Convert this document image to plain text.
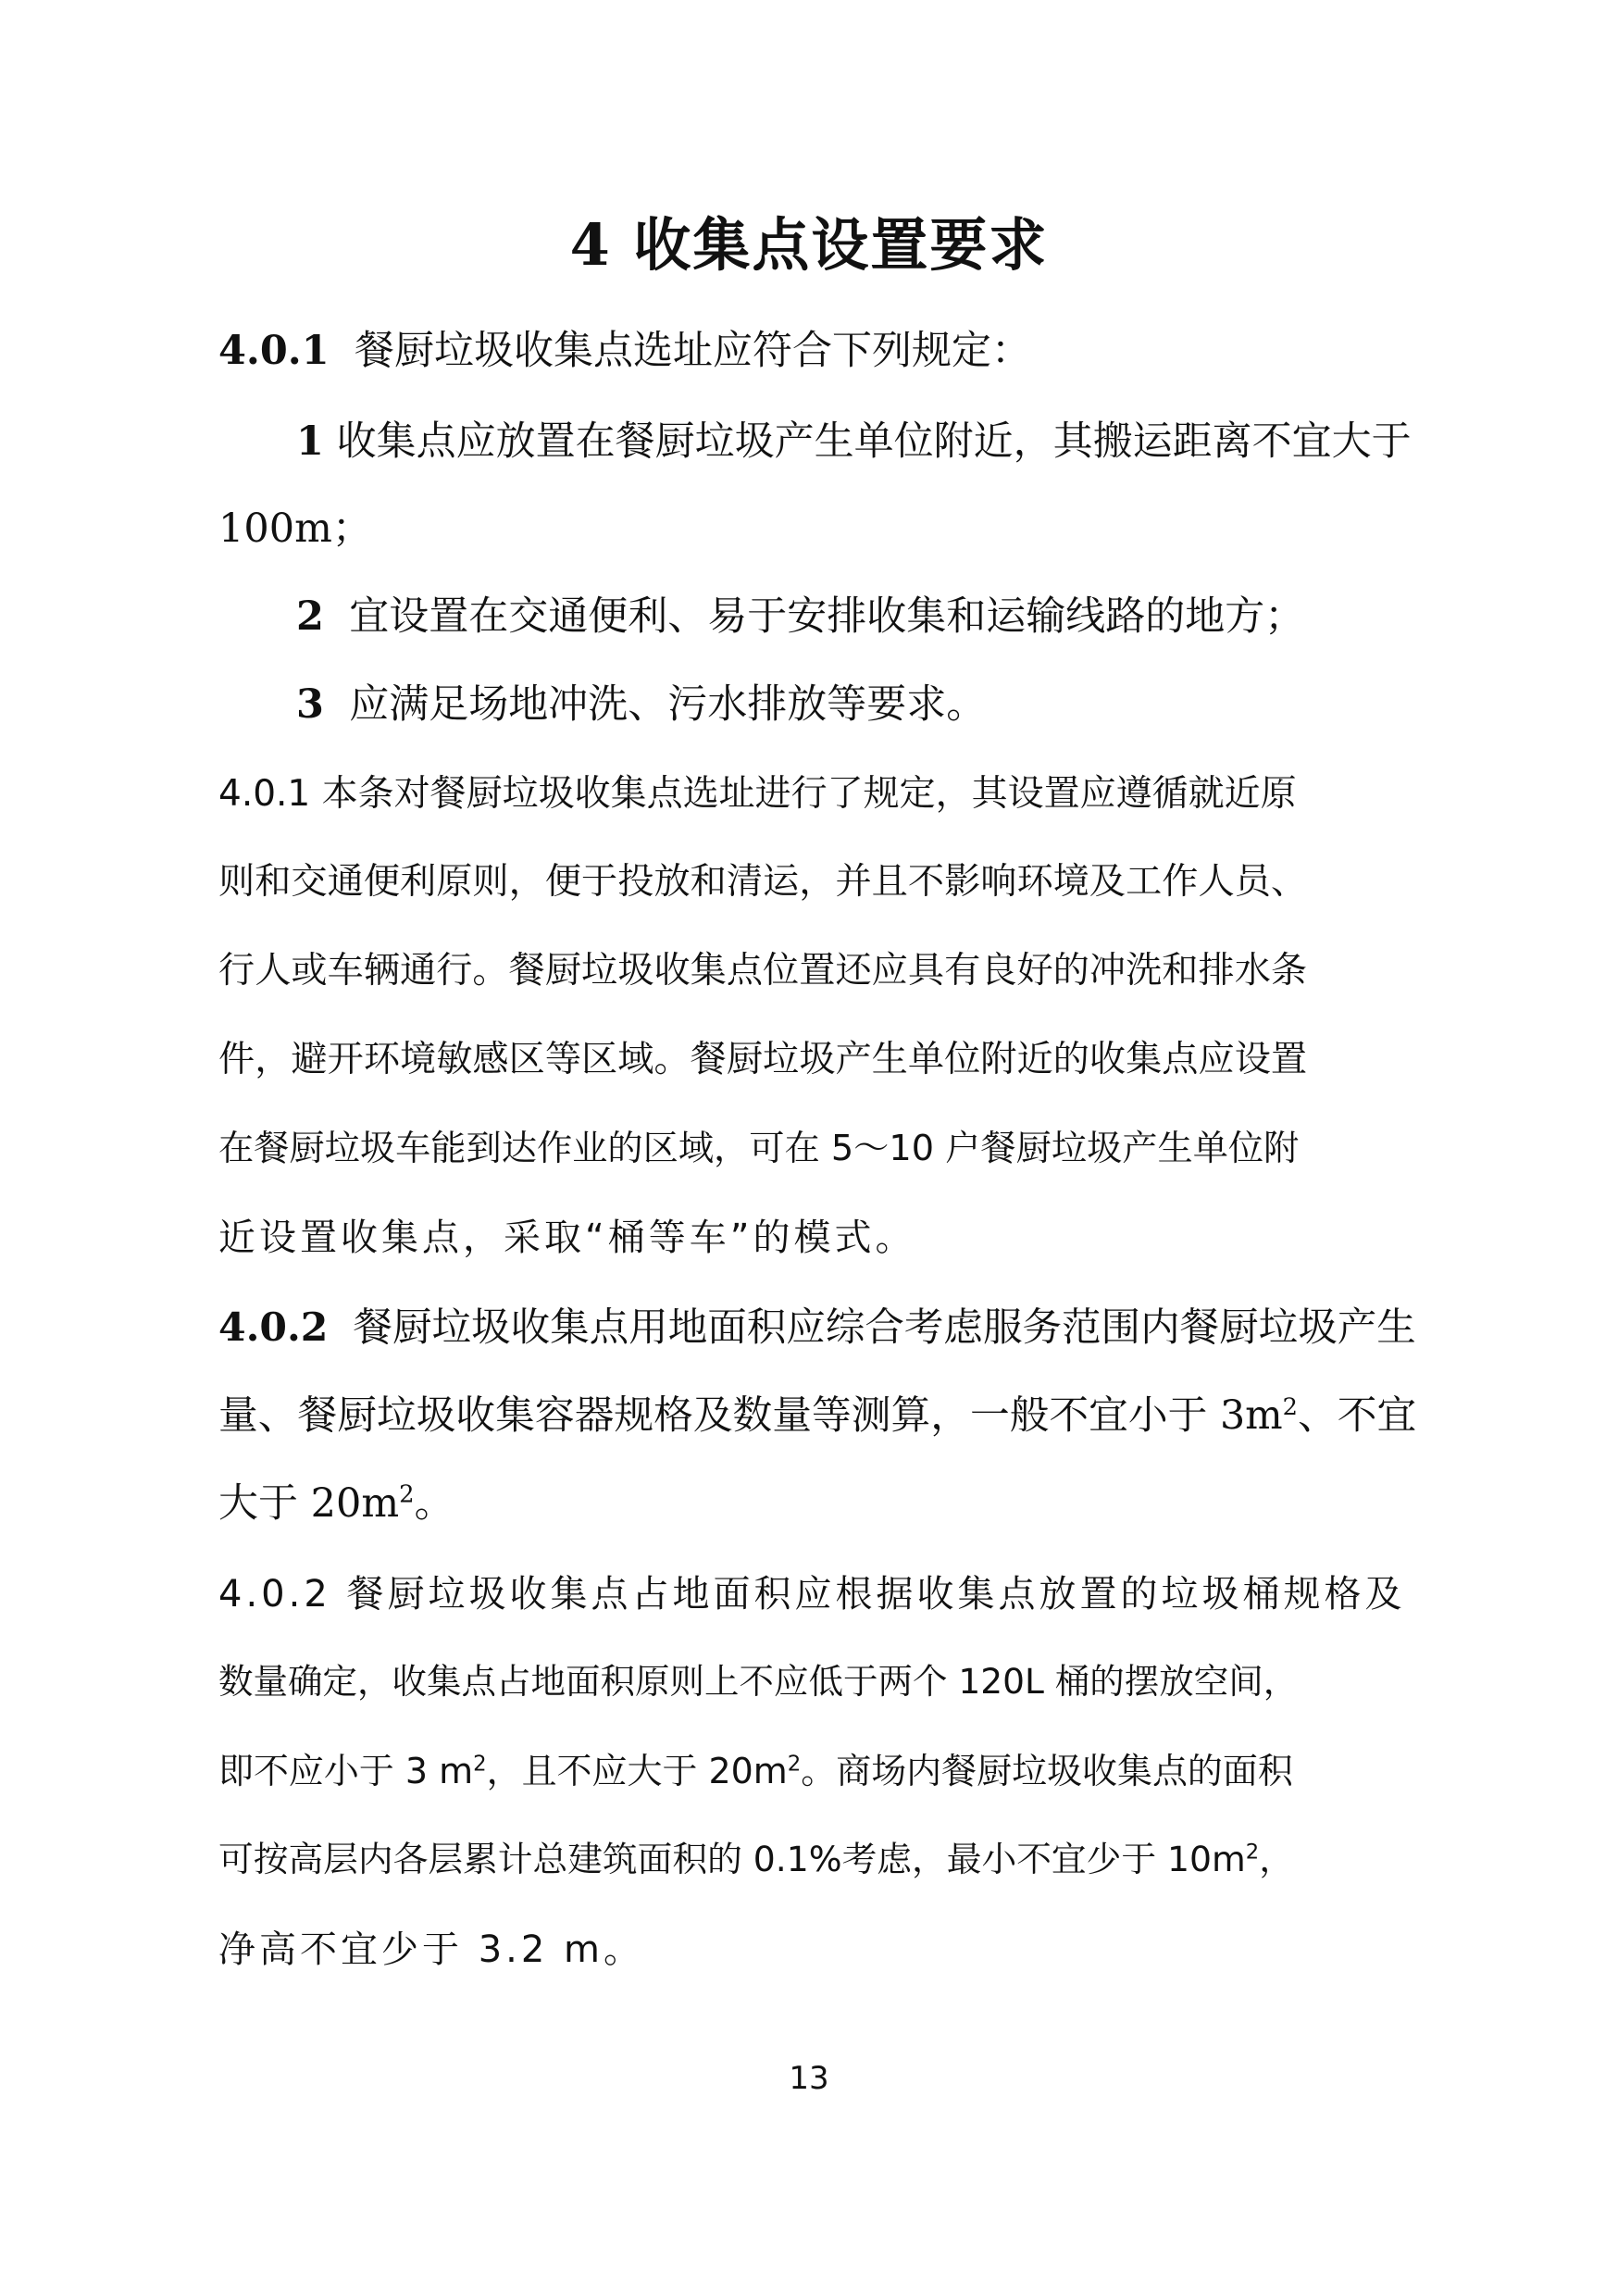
4 收集点设置要求
4.0.1 餐厨垃圾收集点选址应符合下列规定：
1 收集点应放置在餐厨垃圾产生单位附近，其搬运距离不宜大于
100m；
2 宜设置在交通便利、易于安排收集和运输线路的地方；
3 应满足场地冲洗、污水排放等要求。
4.0.1 本条对餐厨垃圾收集点选址进行了规定，其设置应遵循就近原
则和交通便利原则，便于投放和清运，并且不影响环境及工作人员、
行人或车辆通行。餐厨垃圾收集点位置还应具有良好的冲洗和排水条
件，避开环境敏感区等区域。餐厨垃圾产生单位附近的收集点应设置
在餐厨垃圾车能到达作业的区域，可在 5～10 户餐厨垃圾产生单位附
近设置收集点，采取“桶等车”的模式。
4.0.2 餐厨垃圾收集点用地面积应综合考虑服务范围内餐厨垃圾产生
量、餐厨垃圾收集容器规格及数量等测算，一般不宜小于 $3m^2$、不宜
大于 $20m^2$。
4.0.2 餐厨垃圾收集点占地面积应根据收集点放置的垃圾桶规格及
数量确定，收集点占地面积原则上不应低于两个 120L 桶的摆放空间，
即不应小于 3 $m^2$，且不应大于 $20m^2$。商场内餐厨垃圾收集点的面积
可按高层内各层累计总建筑面积的 0.1%考虑，最小不宜少于 $10m^2$，
净高不宜少于 3.2 m。
13
